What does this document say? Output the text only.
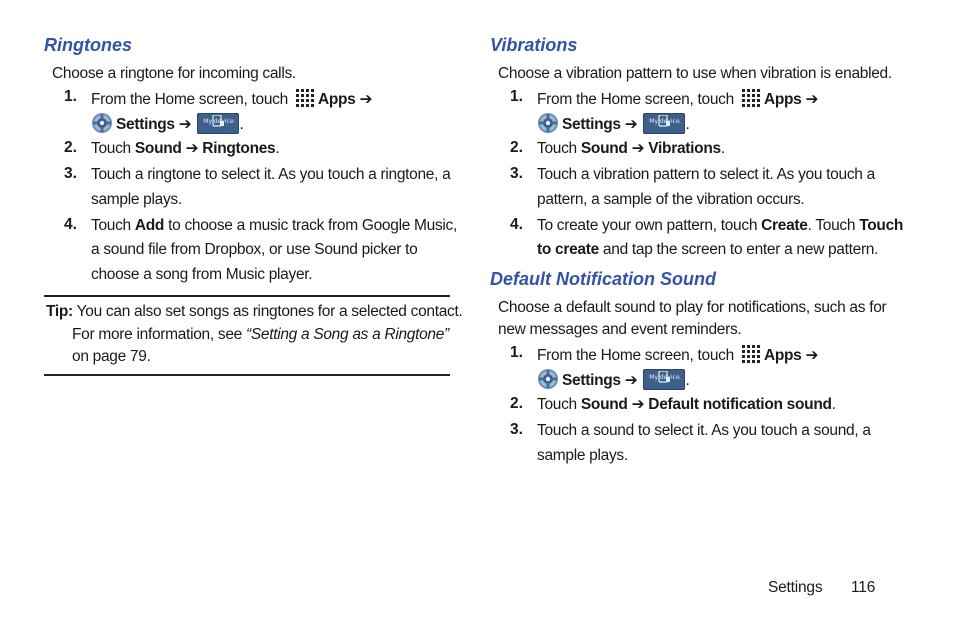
Ringtones
Choose a ringtone for incoming calls.
1. From the Home screen, touch Apps ➔
Settings ➔	My device .
2. Touch Sound ➔ Ringtones.
3. Touch a ringtone to select it. As you touch a ringtone, a
sample plays.
4. Touch Add to choose a music track from Google Music,
a sound file from Dropbox, or use Sound picker to
choose a song from Music player.
Tip: You can also set songs as ringtones for a selected contact.
For more information, see “Setting a Song as a Ringtone”
on page 79.
Vibrations
Choose a vibration pattern to use when vibration is enabled.
1. From the Home screen, touch Apps ➔
Settings ➔	My device .
2. Touch Sound ➔ Vibrations.
3. Touch a vibration pattern to select it. As you touch a
pattern, a sample of the vibration occurs.
4. To create your own pattern, touch Create. Touch Touch
to create and tap the screen to enter a new pattern.
Default Notification Sound
Choose a default sound to play for notifications, such as for
new messages and event reminders.
1. From the Home screen, touch Apps ➔
Settings ➔	My device .
2. Touch Sound ➔ Default notification sound.
3. Touch a sound to select it. As you touch a sound, a
sample plays.
Settings 116
